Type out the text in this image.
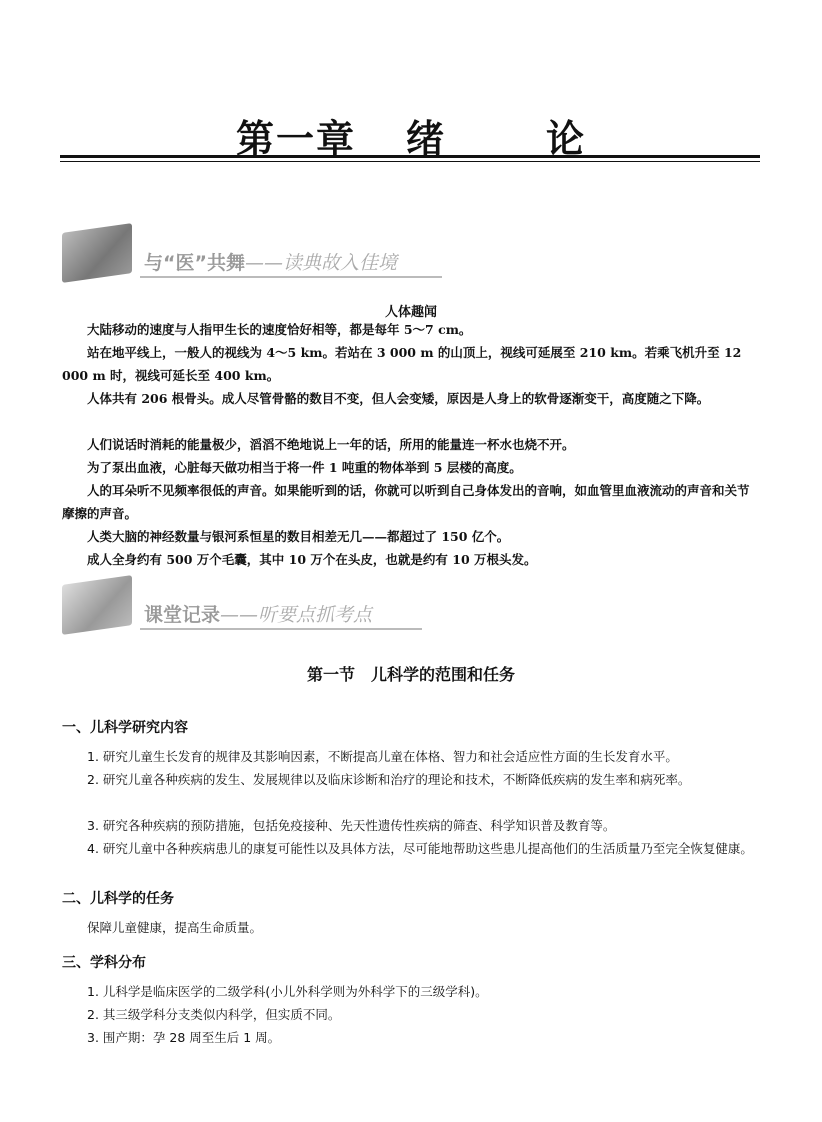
第一章 绪	论
与“医”共舞——读典故入佳境
人体趣闻
大陆移动的速度与人指甲生长的速度恰好相等，都是每年 5～7 cm。
站在地平线上，一般人的视线为 4～5 km。若站在 3 000 m 的山顶上，视线可延展至 210 km。若乘飞机升至 12 000 m 时，视线可延长至 400 km。
人体共有 206 根骨头。成人尽管骨骼的数目不变，但人会变矮，原因是人身上的软骨逐渐变干，高度随之下降。
人们说话时消耗的能量极少，滔滔不绝地说上一年的话，所用的能量连一杯水也烧不开。
为了泵出血液，心脏每天做功相当于将一件 1 吨重的物体举到 5 层楼的高度。
人的耳朵听不见频率很低的声音。如果能听到的话，你就可以听到自己身体发出的音响，如血管里血液流动的声音和关节摩擦的声音。
人类大脑的神经数量与银河系恒星的数目相差无几——都超过了 150 亿个。
成人全身约有 500 万个毛囊，其中 10 万个在头皮，也就是约有 10 万根头发。
课堂记录——听要点抓考点
第一节　儿科学的范围和任务
一、儿科学研究内容
1. 研究儿童生长发育的规律及其影响因素，不断提高儿童在体格、智力和社会适应性方面的生长发育水平。
2. 研究儿童各种疾病的发生、发展规律以及临床诊断和治疗的理论和技术，不断降低疾病的发生率和病死率。
3. 研究各种疾病的预防措施，包括免疫接种、先天性遗传性疾病的筛查、科学知识普及教育等。
4. 研究儿童中各种疾病患儿的康复可能性以及具体方法，尽可能地帮助这些患儿提高他们的生活质量乃至完全恢复健康。
二、儿科学的任务
保障儿童健康，提高生命质量。
三、学科分布
1. 儿科学是临床医学的二级学科(小儿外科学则为外科学下的三级学科)。
2. 其三级学科分支类似内科学，但实质不同。
3. 围产期：孕 28 周至生后 1 周。
